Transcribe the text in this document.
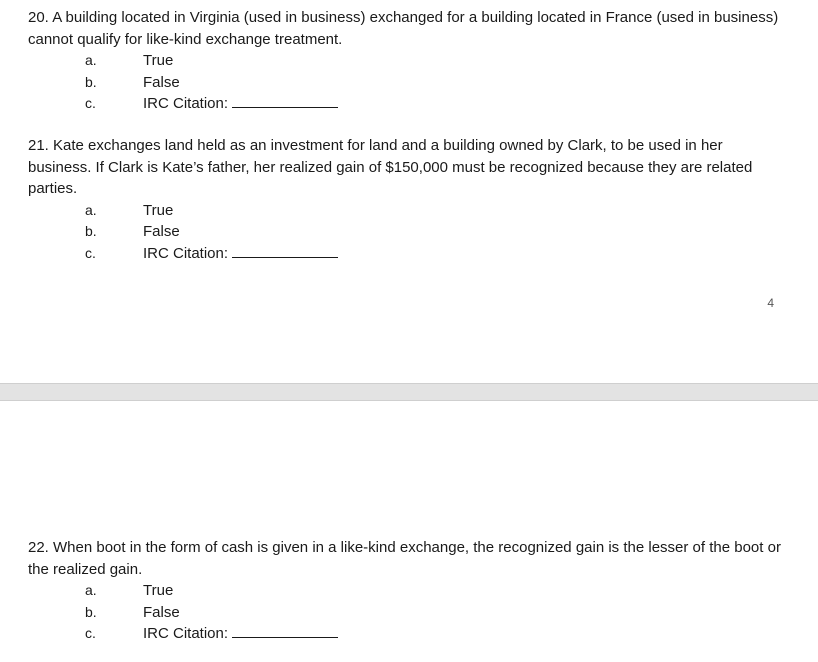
20. A building located in Virginia (used in business) exchanged for a building located in France (used in business) cannot qualify for like-kind exchange treatment.

a.	True
b.	False
c.	IRC Citation:

21. Kate exchanges land held as an investment for land and a building owned by Clark, to be used in her business. If Clark is Kate’s father, her realized gain of $150,000 must be recognized because they are related parties.

a.	True
b.	False
c.	IRC Citation:
4

22. When boot in the form of cash is given in a like-kind exchange, the recognized gain is the lesser of the boot or the realized gain.

a.	True
b.	False
c.	IRC Citation:
